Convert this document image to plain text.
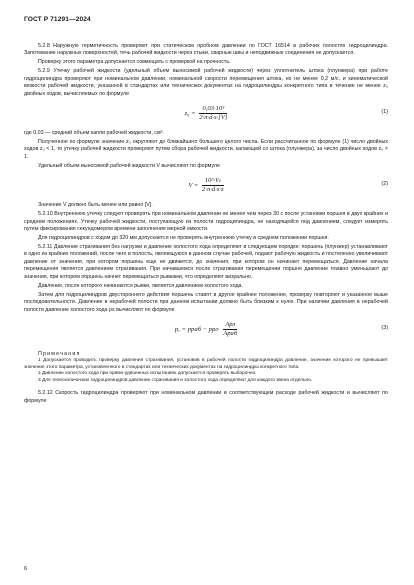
ГОСТ Р 71291—2024

5.2.8 Наружную герметичность проверяют при статическом пробном давлении по ГОСТ 16514 в рабочих полостях гидроцилиндра. Запотевание наружных поверхностей, течь рабочей жидкости через стыки, сварные швы и неподвижные соединения не допускается.

Проверку этого параметра допускается совмещать с проверкой на прочность.

5.2.9 Утечку рабочей жидкости (удельный объем выносимой рабочей жидкости) через уплотнитель штока (плунжера) при работе гидроцилиндра проверяют при номинальном давлении, номинальной скорости перемещения штока, но не менее 0,2 м/с, и кинематической вязкости рабочей жидкости, указанной в стандартах или технических документах на гидроцилиндры конкретного типа в течение не менее z₀ двойных ходов, вычисляемых по формуле

$z_0 = \frac{\text{0,03·10³}}{2\cdot\pi\cdot d\cdot s\cdot[V]}$	(1)

где 0,03 — средний объем капли рабочей жидкости, см³.

Полученное по формуле значение z₀ округляют до ближайшего большего целого числа. Если рассчитанное по формуле (1) число двойных ходов z₀ < 1, то утечку рабочей жидкости проверяют путем сбора рабочей жидкости, капающей со штока (плунжера), за число двойных ходов z₀ > 1.

Удельный объем выносимой рабочей жидкости V вычисляют по формуле

$V = \frac{\text{10³·Vₜ}}{2\cdot\pi\cdot d\cdot s\cdot z}$	(2)

Значение V должно быть менее или равно [V].

5.2.10 Внутреннюю утечку следует проверять при номинальном давлении не менее чем через 30 с после установки поршня в двух крайних и среднем положениях. Утечку рабочей жидкости, поступающую из полости гидроцилиндра, не находящейся под давлением, следует измерять путем фиксирования секундомером времени заполнения мерной емкости.

Для гидроцилиндров с ходом до 320 мм допускается не проверять внутреннюю утечку в среднем положении поршня.

5.2.11 Давление страгивания без нагрузки и давление холостого хода определяют в следующем порядке: поршень (плунжер) устанавливают в одно из крайних положений, после чего в полость, являющуюся в данном случае рабочей, подают рабочую жидкость и постепенно увеличивают давление от значения, при котором поршень еще не движется, до значения, при котором он начинает перемещаться. Давление начала перемещения является давлением страгивания. При начавшемся после страгивания перемещении поршня давление плавно уменьшают до значения, при котором поршень начнет перемещаться рывками, что определяют визуально.

Давление, после которого начинаются рывки, является давлением холостого хода.

Затем для гидроцилиндров двустороннего действия поршень ставят в другое крайнее положение, проверку повторяют и указанное выше последовательности. Давление в нерабочей полости при данном испытании должно быть близким к нулю. При наличии давления в нерабочей полости давление холостого хода pх вычисляют по формуле

pₓ = pраб − $pрл\cdot \frac{\text{Aрл}}{\text{Aраб}}$	(3)
Примечания

1 Допускается проводить проверку давления страгивания, установив в рабочей полости гидроцилиндра давление, значение которого не превышает значение этого параметра, установленного в стандартах или технических документах на гидроцилиндры конкретного типа.

2 Давление холостого хода при прямо-удвоенных испытаниях допускается проверять выборочно.

3 Для телескопических гидроцилиндров давление страгивания и холостого хода определяют для каждого звена отдельно.

5.2.12 Скорость гидроцилиндра проверяют при номинальном давлении и соответствующем расходе рабочей жидкости и вычисляют по формуле

6
